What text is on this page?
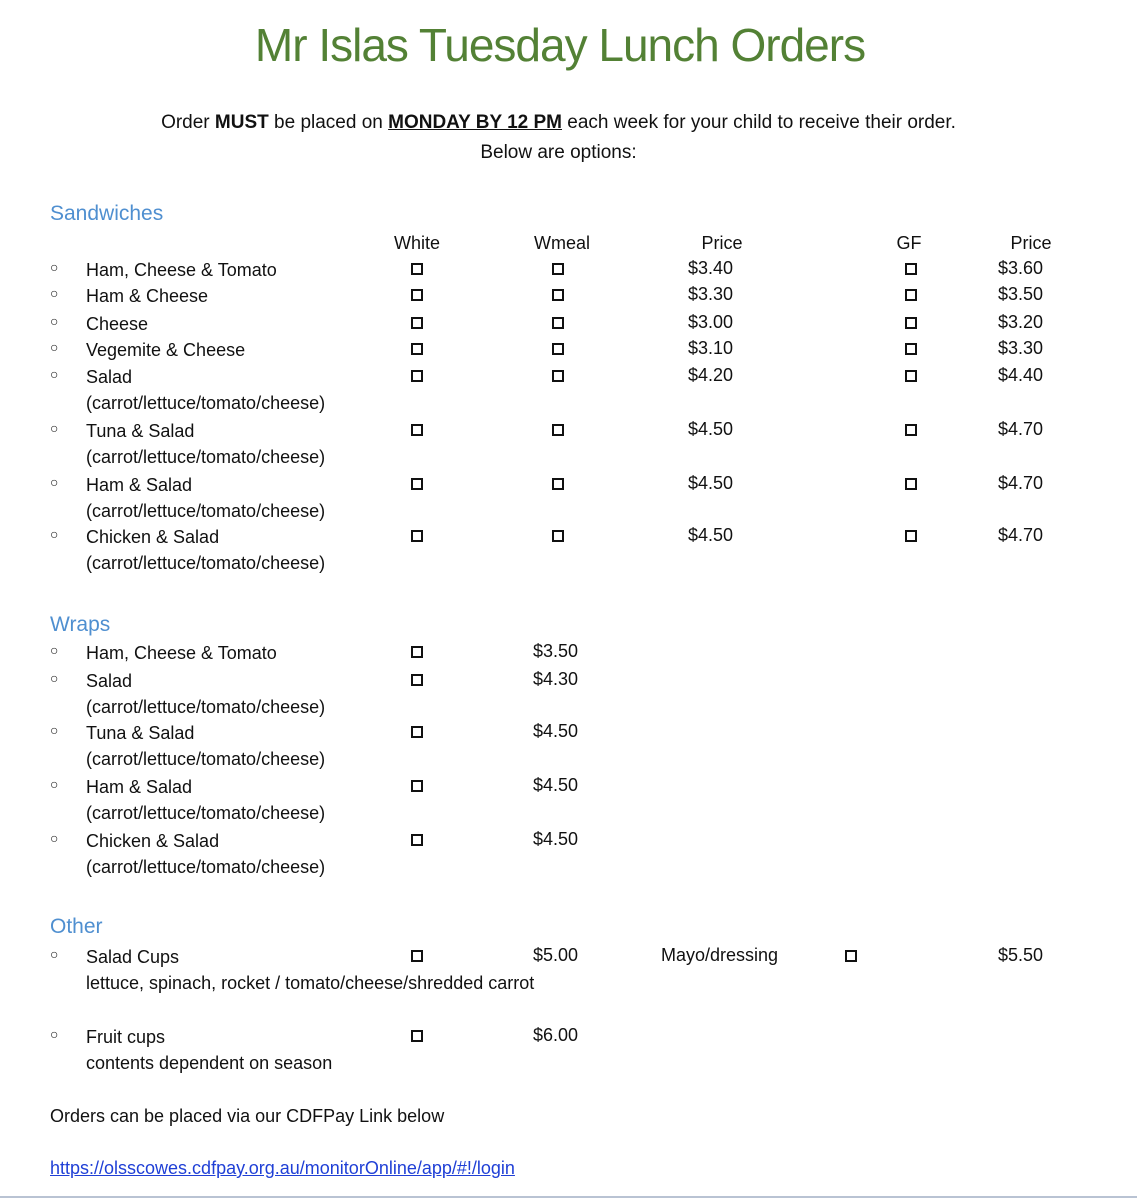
Mr Islas Tuesday Lunch Orders
Order MUST be placed on MONDAY BY 12 PM each week for your child to receive their order.
Below are options:
Sandwiches
White	Wmeal	Price	GF	Price
○ Ham, Cheese & Tomato	$3.40	$3.60
○ Ham & Cheese	$3.30	$3.50
○ Cheese	$3.00	$3.20
○ Vegemite & Cheese	$3.10	$3.30
○ Salad
(carrot/lettuce/tomato/cheese)
$4.20	$4.40
○ Tuna & Salad
(carrot/lettuce/tomato/cheese)
$4.50	$4.70
○ Ham & Salad
(carrot/lettuce/tomato/cheese)
$4.50	$4.70
○ Chicken & Salad
(carrot/lettuce/tomato/cheese)
$4.50	$4.70
Wraps
○ Ham, Cheese & Tomato	$3.50
○ Salad
(carrot/lettuce/tomato/cheese)
$4.30
○ Tuna & Salad
(carrot/lettuce/tomato/cheese)
$4.50
○ Ham & Salad
(carrot/lettuce/tomato/cheese)
$4.50
○ Chicken & Salad
(carrot/lettuce/tomato/cheese)
$4.50
Other
○ Salad Cups
lettuce, spinach, rocket / tomato/cheese/shredded carrot
$5.00	Mayo/dressing	$5.50
○ Fruit cups
contents dependent on season
$6.00
Orders can be placed via our CDFPay Link below
https://olsscowes.cdfpay.org.au/monitorOnline/app/#!/login
